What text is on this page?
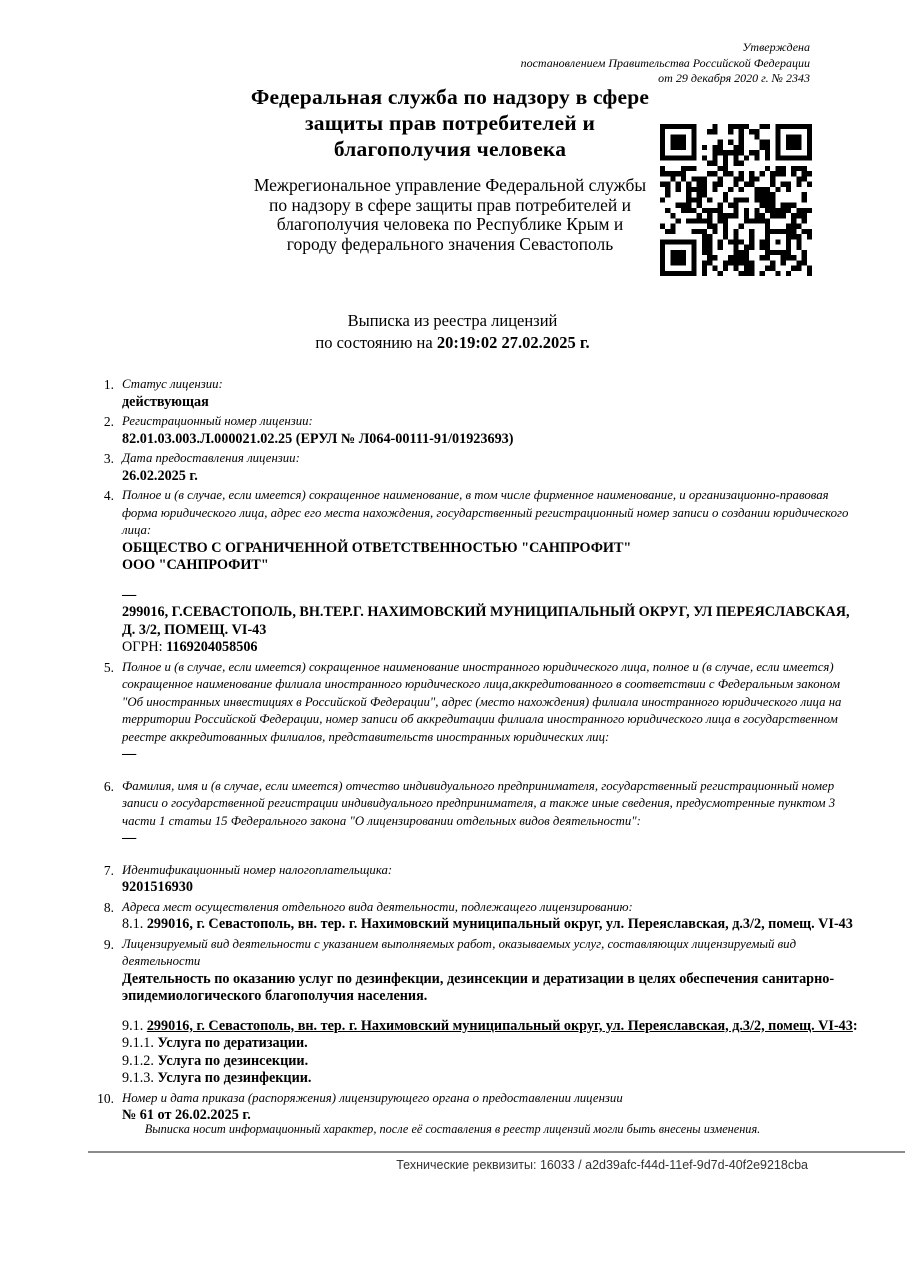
Утверждена
постановлением Правительства Российской Федерации
от 29 декабря 2020 г. № 2343
Федеральная служба по надзору в сфере защиты прав потребителей и благополучия человека
Межрегиональное управление Федеральной службы по надзору в сфере защиты прав потребителей и благополучия человека по Республике Крым и городу федерального значения Севастополь
Выписка из реестра лицензий
по состоянию на 20:19:02 27.02.2025 г.
1. Статус лицензии:
действующая
2. Регистрационный номер лицензии:
82.01.03.003.Л.000021.02.25 (ЕРУЛ № Л064-00111-91/01923693)
3. Дата предоставления лицензии:
26.02.2025 г.
4. Полное и (в случае, если имеется) сокращенное наименование, в том числе фирменное наименование, и организационно-правовая форма юридического лица, адрес его места нахождения, государственный регистрационный номер записи о создании юридического лица:
ОБЩЕСТВО С ОГРАНИЧЕННОЙ ОТВЕТСТВЕННОСТЬЮ "САНПРОФИТ"
ООО "САНПРОФИТ"
—
299016, Г.СЕВАСТОПОЛЬ, ВН.ТЕР.Г. НАХИМОВСКИЙ МУНИЦИПАЛЬНЫЙ ОКРУГ, УЛ ПЕРЕЯСЛАВСКАЯ, Д. 3/2, ПОМЕЩ. VI-43
ОГРН: 1169204058506
5. Полное и (в случае, если имеется) сокращенное наименование иностранного юридического лица, полное и (в случае, если имеется) сокращенное наименование филиала иностранного юридического лица,аккредитованного в соответствии с Федеральным законом "Об иностранных инвестициях в Российской Федерации", адрес (место нахождения) филиала иностранного юридического лица на территории Российской Федерации, номер записи об аккредитации филиала иностранного юридического лица в государственном реестре аккредитованных филиалов, представительств иностранных юридических лиц:
—
6. Фамилия, имя и (в случае, если имеется) отчество индивидуального предпринимателя, государственный регистрационный номер записи о государственной регистрации индивидуального предпринимателя, а также иные сведения, предусмотренные пунктом 3 части 1 статьи 15 Федерального закона "О лицензировании отдельных видов деятельности":
—
7. Идентификационный номер налогоплательщика:
9201516930
8. Адреса мест осуществления отдельного вида деятельности, подлежащего лицензированию:
8.1. 299016, г. Севастополь, вн. тер. г. Нахимовский муниципальный округ, ул. Переяславская, д.3/2, помещ. VI-43
9. Лицензируемый вид деятельности с указанием выполняемых работ, оказываемых услуг, составляющих лицензируемый вид деятельности
Деятельность по оказанию услуг по дезинфекции, дезинсекции и дератизации в целях обеспечения санитарно-эпидемиологического благополучия населения.
9.1. 299016, г. Севастополь, вн. тер. г. Нахимовский муниципальный округ, ул. Переяславская, д.3/2, помещ. VI-43:
9.1.1. Услуга по дератизации.
9.1.2. Услуга по дезинсекции.
9.1.3. Услуга по дезинфекции.
10. Номер и дата приказа (распоряжения) лицензирующего органа о предоставлении лицензии
№ 61 от 26.02.2025 г.
Выписка носит информационный характер, после её составления в реестр лицензий могли быть внесены изменения.
Технические реквизиты: 16033 / a2d39afc-f44d-11ef-9d7d-40f2e9218cba
